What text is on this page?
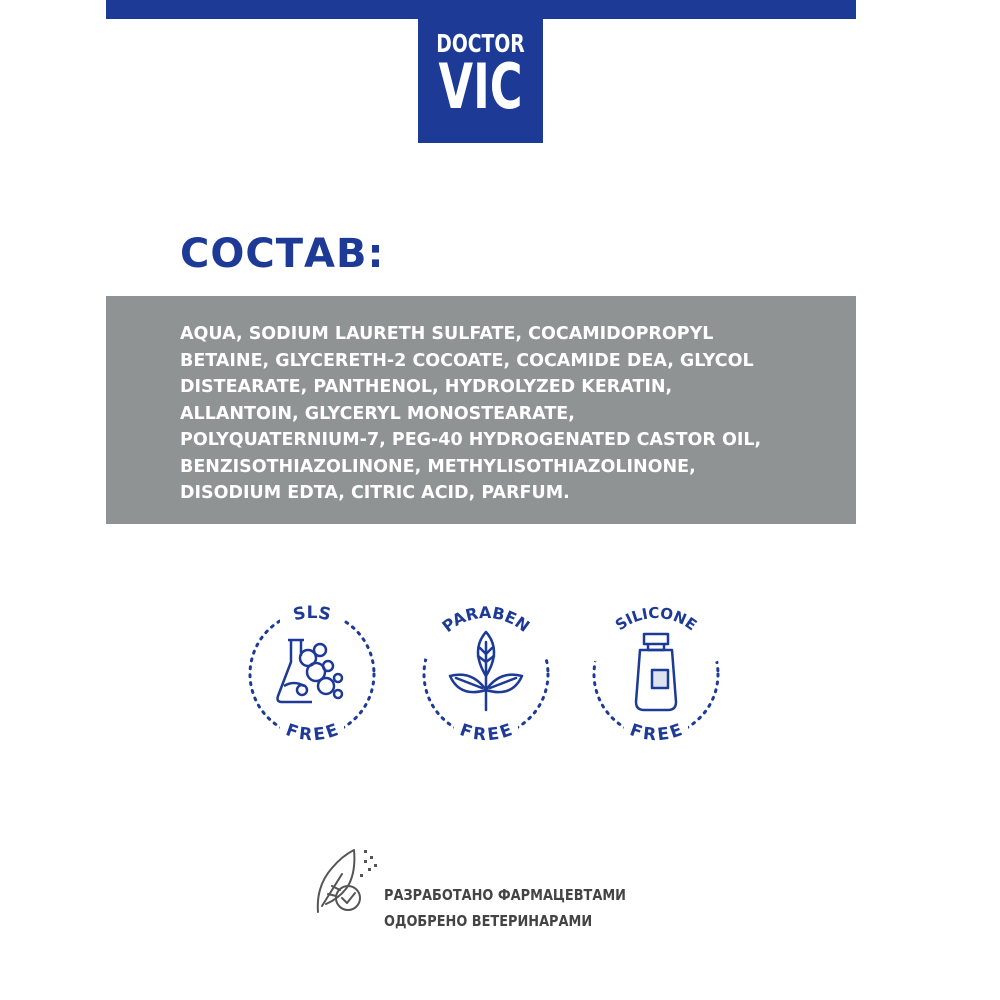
DOCTOR
VIC
СОСТАВ:
AQUA, SODIUM LAURETH SULFATE, COCAMIDOPROPYL
BETAINE, GLYCERETH-2 COCOATE, COCAMIDE DEA, GLYCOL
DISTEARATE, PANTHENOL, HYDROLYZED KERATIN,
ALLANTOIN, GLYCERYL MONOSTEARATE,
POLYQUATERNIUM-7, PEG-40 HYDROGENATED CASTOR OIL,
BENZISOTHIAZOLINONE, METHYLISOTHIAZOLINONE,
DISODIUM EDTA, CITRIC ACID, PARFUM.
SLS
FREE
PARABEN
FREE
SILICONE
FREE
РАЗРАБОТАНО ФАРМАЦЕВТАМИ
ОДОБРЕНО ВЕТЕРИНАРАМИ
